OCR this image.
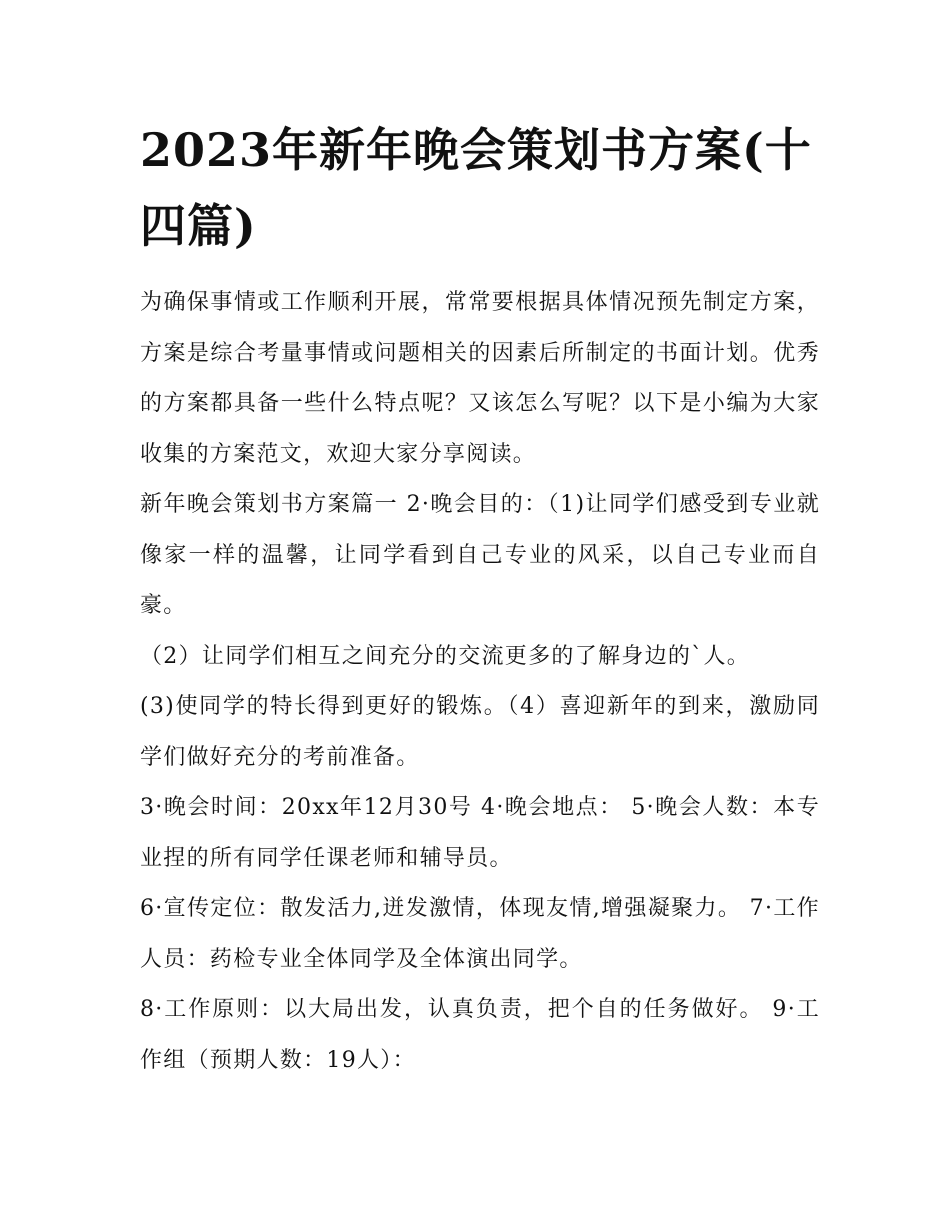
2023年新年晚会策划书方案(十四篇)

为确保事情或工作顺利开展，常常要根据具体情况预先制定方案，方案是综合考量事情或问题相关的因素后所制定的书面计划。优秀的方案都具备一些什么特点呢？又该怎么写呢？以下是小编为大家收集的方案范文，欢迎大家分享阅读。

新年晚会策划书方案篇一 2·晚会目的：（1)让同学们感受到专业就像家一样的温馨，让同学看到自己专业的风采，以自己专业而自豪。

（2）让同学们相互之间充分的交流更多的了解身边的`人。

(3)使同学的特长得到更好的锻炼。（4）喜迎新年的到来，激励同学们做好充分的考前准备。

3·晚会时间：20xx年12月30号 4·晚会地点： 5·晚会人数：本专业捏的所有同学任课老师和辅导员。

6·宣传定位：散发活力,迸发激情，体现友情,增强凝聚力。 7·工作人员：药检专业全体同学及全体演出同学。

8·工作原则：以大局出发，认真负责，把个自的任务做好。 9·工作组（预期人数：19人）：
